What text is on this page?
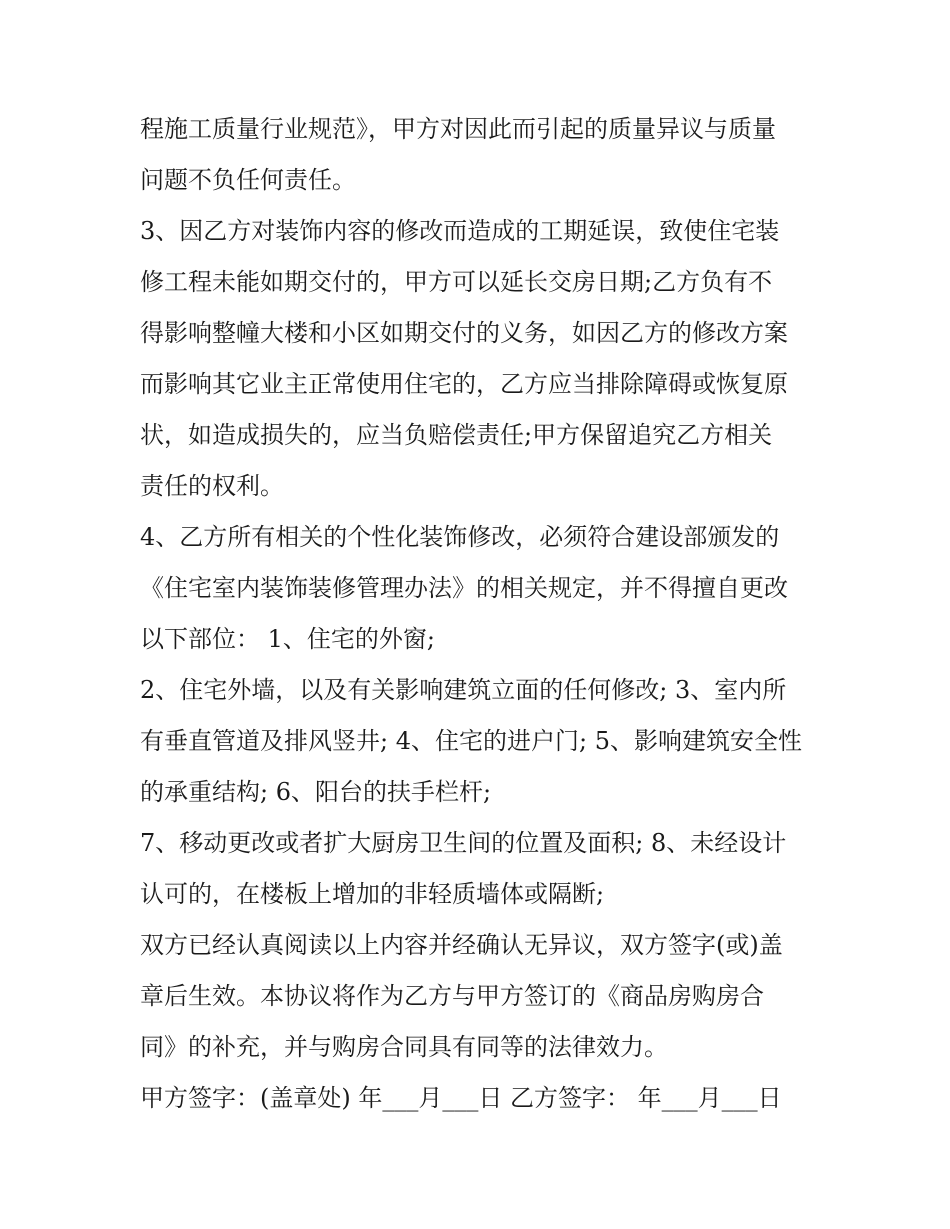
程施工质量行业规范》，甲方对因此而引起的质量异议与质量
问题不负任何责任。
3、因乙方对装饰内容的修改而造成的工期延误，致使住宅装
修工程未能如期交付的，甲方可以延长交房日期;乙方负有不
得影响整幢大楼和小区如期交付的义务，如因乙方的修改方案
而影响其它业主正常使用住宅的，乙方应当排除障碍或恢复原
状，如造成损失的，应当负赔偿责任;甲方保留追究乙方相关
责任的权利。
4、乙方所有相关的个性化装饰修改，必须符合建设部颁发的
《住宅室内装饰装修管理办法》的相关规定，并不得擅自更改
以下部位： 1、住宅的外窗;
2、住宅外墙，以及有关影响建筑立面的任何修改; 3、室内所
有垂直管道及排风竖井; 4、住宅的进户门; 5、影响建筑安全性
的承重结构; 6、阳台的扶手栏杆;
7、移动更改或者扩大厨房卫生间的位置及面积; 8、未经设计
认可的，在楼板上增加的非轻质墙体或隔断;
双方已经认真阅读以上内容并经确认无异议，双方签字(或)盖
章后生效。本协议将作为乙方与甲方签订的《商品房购房合
同》的补充，并与购房合同具有同等的法律效力。
甲方签字：(盖章处) 年___月___日 乙方签字： 年___月___日
